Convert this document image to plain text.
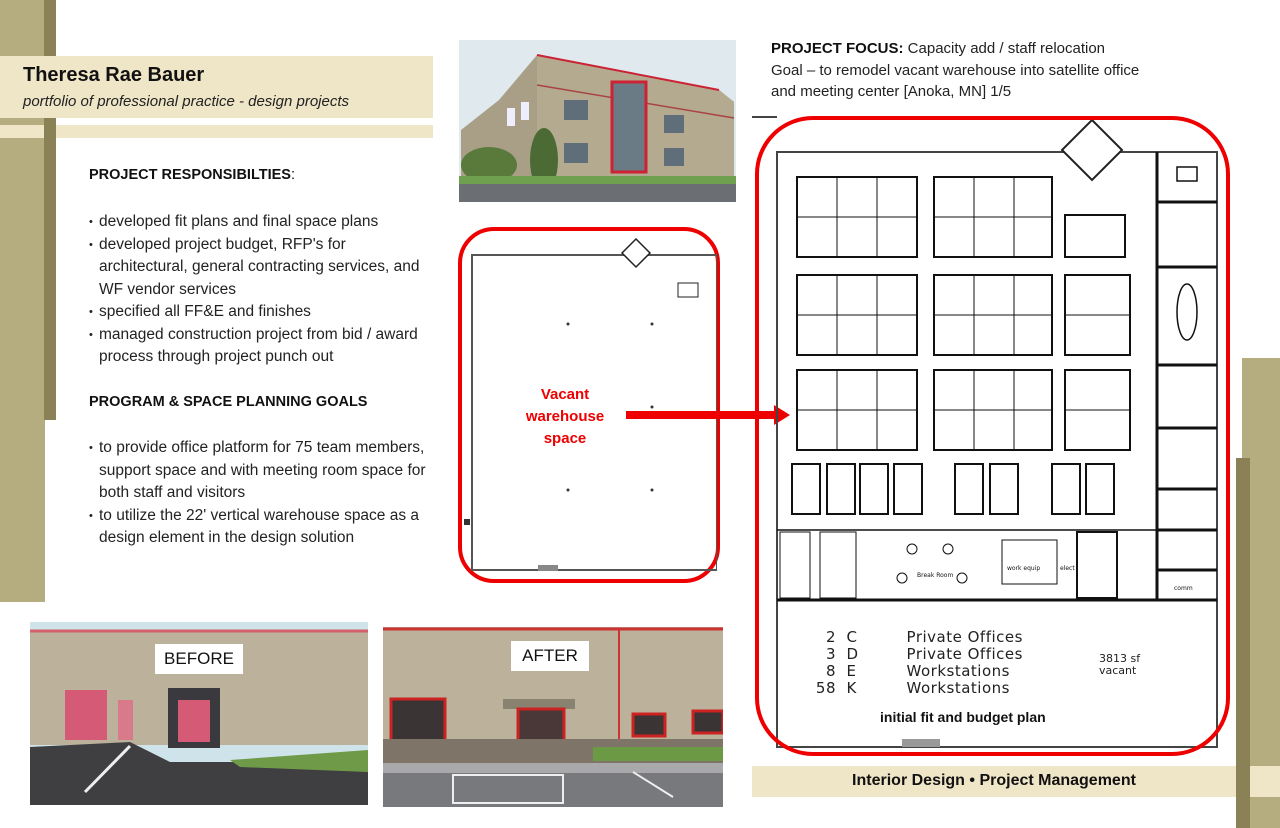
Theresa Rae Bauer
portfolio of professional practice - design projects
PROJECT RESPONSIBILTIES:
• developed fit plans and final space plans
• developed project budget, RFP's for architectural, general contracting services, and WF vendor services
• specified all FF&E and finishes
• managed construction project from bid / award process through project punch out
PROGRAM & SPACE PLANNING GOALS
• to provide office platform for 75 team members, support space and with meeting room space for both staff and visitors
• to utilize the 22' vertical warehouse space as a design element in the design solution
BEFORE	AFTER
Vacant
warehouse
space
PROJECT FOCUS: Capacity add / staff relocation
Goal – to remodel vacant warehouse into satellite office
and meeting center [Anoka, MN] 1/5
Break Room
work equip	elect
comm
2 C	Private Offices
3 D	Private Offices
8 E	Workstations
58 K	Workstations
3813 sf
vacant
initial fit and budget plan
Interior Design • Project Management
